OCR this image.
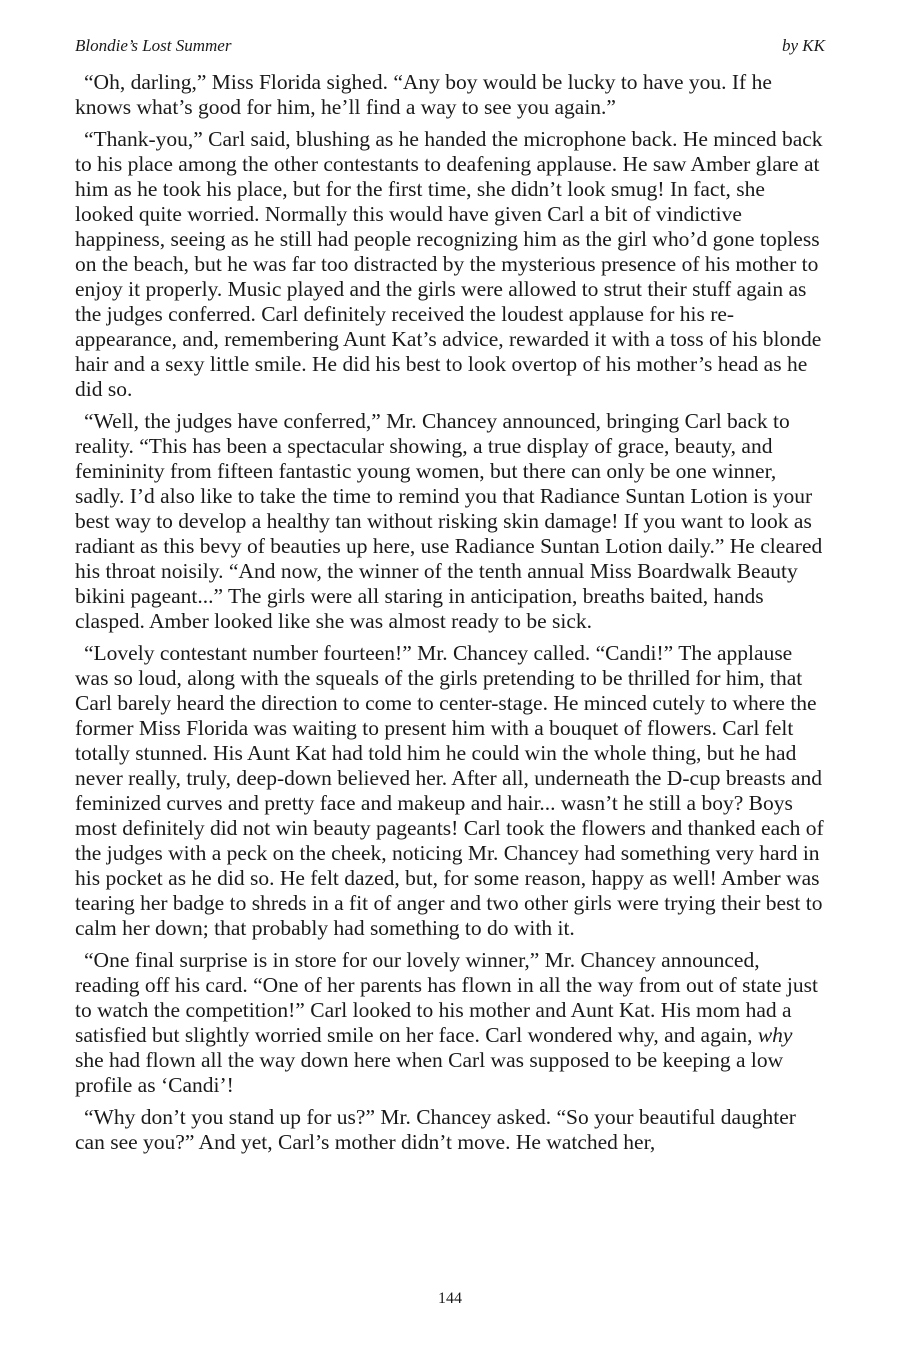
Blondie’s Lost Summer	by KK

“Oh, darling,” Miss Florida sighed. “Any boy would be lucky to have you. If he knows what’s good for him, he’ll find a way to see you again.”

“Thank-you,” Carl said, blushing as he handed the microphone back. He minced back to his place among the other contestants to deafening applause. He saw Amber glare at him as he took his place, but for the first time, she didn’t look smug! In fact, she looked quite worried. Normally this would have given Carl a bit of vindictive happiness, seeing as he still had people recognizing him as the girl who’d gone topless on the beach, but he was far too distracted by the mysterious presence of his mother to enjoy it properly. Music played and the girls were allowed to strut their stuff again as the judges conferred. Carl definitely received the loudest applause for his re-appearance, and, remembering Aunt Kat’s advice, rewarded it with a toss of his blonde hair and a sexy little smile. He did his best to look overtop of his mother’s head as he did so.

“Well, the judges have conferred,” Mr. Chancey announced, bringing Carl back to reality. “This has been a spectacular showing, a true display of grace, beauty, and femininity from fifteen fantastic young women, but there can only be one winner, sadly. I’d also like to take the time to remind you that Radiance Suntan Lotion is your best way to develop a healthy tan without risking skin damage! If you want to look as radiant as this bevy of beauties up here, use Radiance Suntan Lotion daily.” He cleared his throat noisily. “And now, the winner of the tenth annual Miss Boardwalk Beauty bikini pageant...” The girls were all staring in anticipation, breaths baited, hands clasped. Amber looked like she was almost ready to be sick.

“Lovely contestant number fourteen!” Mr. Chancey called. “Candi!” The applause was so loud, along with the squeals of the girls pretending to be thrilled for him, that Carl barely heard the direction to come to center-stage. He minced cutely to where the former Miss Florida was waiting to present him with a bouquet of flowers. Carl felt totally stunned. His Aunt Kat had told him he could win the whole thing, but he had never really, truly, deep-down believed her. After all, underneath the D-cup breasts and feminized curves and pretty face and makeup and hair... wasn’t he still a boy? Boys most definitely did not win beauty pageants! Carl took the flowers and thanked each of the judges with a peck on the cheek, noticing Mr. Chancey had something very hard in his pocket as he did so. He felt dazed, but, for some reason, happy as well! Amber was tearing her badge to shreds in a fit of anger and two other girls were trying their best to calm her down; that probably had something to do with it.

“One final surprise is in store for our lovely winner,” Mr. Chancey announced, reading off his card. “One of her parents has flown in all the way from out of state just to watch the competition!” Carl looked to his mother and Aunt Kat. His mom had a satisfied but slightly worried smile on her face. Carl wondered why, and again, why she had flown all the way down here when Carl was supposed to be keeping a low profile as ‘Candi’!

“Why don’t you stand up for us?” Mr. Chancey asked. “So your beautiful daughter can see you?” And yet, Carl’s mother didn’t move. He watched her,

144
